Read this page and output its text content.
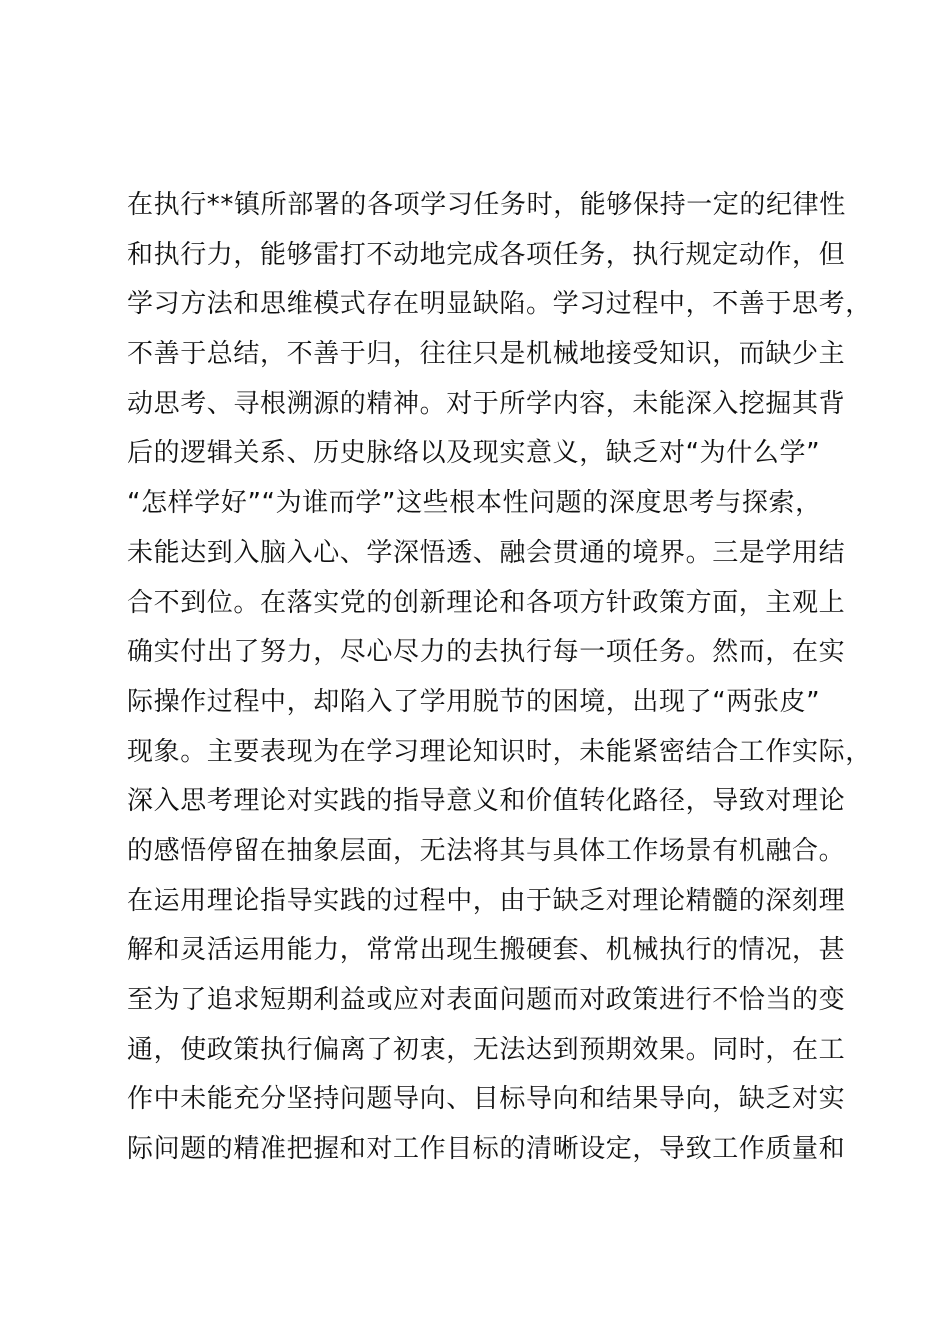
在执行**镇所部署的各项学习任务时，能够保持一定的纪律性
和执行力，能够雷打不动地完成各项任务，执行规定动作，但
学习方法和思维模式存在明显缺陷。学习过程中，不善于思考，
不善于总结，不善于归，往往只是机械地接受知识，而缺少主
动思考、寻根溯源的精神。对于所学内容，未能深入挖掘其背
后的逻辑关系、历史脉络以及现实意义，缺乏对“为什么学”
“怎样学好”“为谁而学”这些根本性问题的深度思考与探索，
未能达到入脑入心、学深悟透、融会贯通的境界。三是学用结
合不到位。在落实党的创新理论和各项方针政策方面，主观上
确实付出了努力，尽心尽力的去执行每一项任务。然而，在实
际操作过程中，却陷入了学用脱节的困境，出现了“两张皮”
现象。主要表现为在学习理论知识时，未能紧密结合工作实际，
深入思考理论对实践的指导意义和价值转化路径，导致对理论
的感悟停留在抽象层面，无法将其与具体工作场景有机融合。
在运用理论指导实践的过程中，由于缺乏对理论精髓的深刻理
解和灵活运用能力，常常出现生搬硬套、机械执行的情况，甚
至为了追求短期利益或应对表面问题而对政策进行不恰当的变
通，使政策执行偏离了初衷，无法达到预期效果。同时，在工
作中未能充分坚持问题导向、目标导向和结果导向，缺乏对实
际问题的精准把握和对工作目标的清晰设定，导致工作质量和
